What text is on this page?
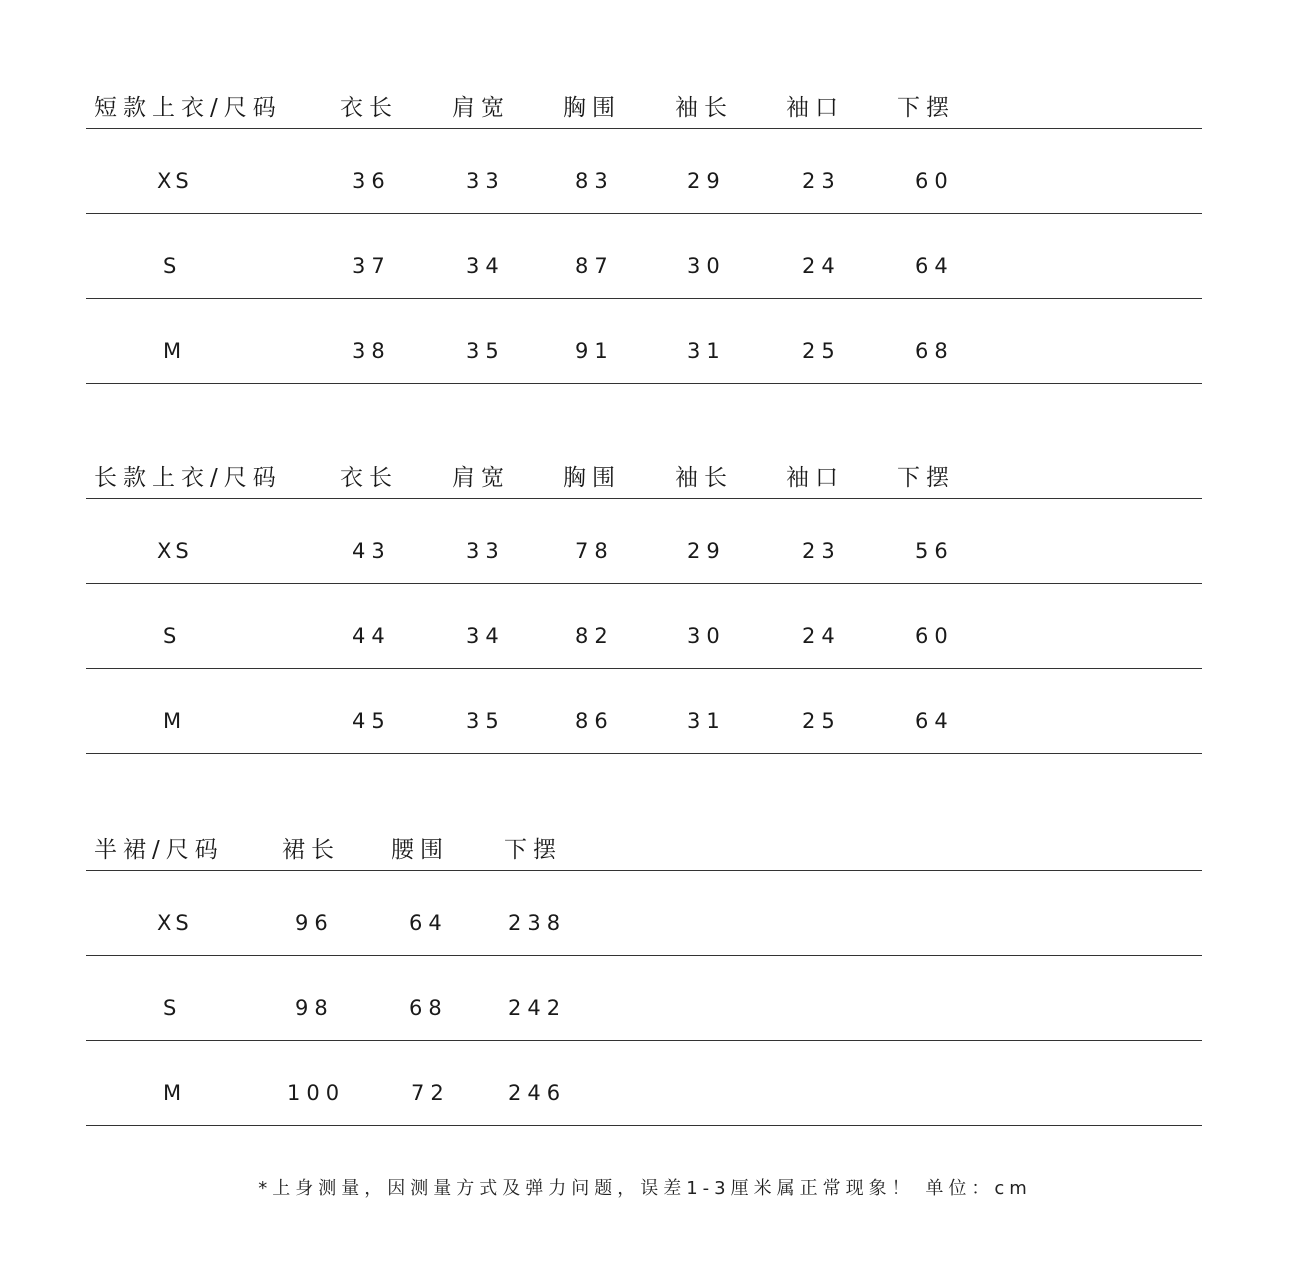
短款上衣/尺码	衣长 肩宽 胸围 袖长 袖口 下摆
XS	36	33	83	29	23	60
S	37	34	87	30	24	64
M	38	35	91	31	25	68
长款上衣/尺码	衣长 肩宽 胸围 袖长 袖口 下摆
XS	43	33	78	29	23	56
S	44	34	82	30	24	60
M	45	35	86	31	25	64
半裙/尺码	裙长 腰围 下摆
XS	96	64	238
S	98	68	242
M	100	72	246
*上身测量，因测量方式及弹力问题，误差1-3厘米属正常现象！ 单位：cm
